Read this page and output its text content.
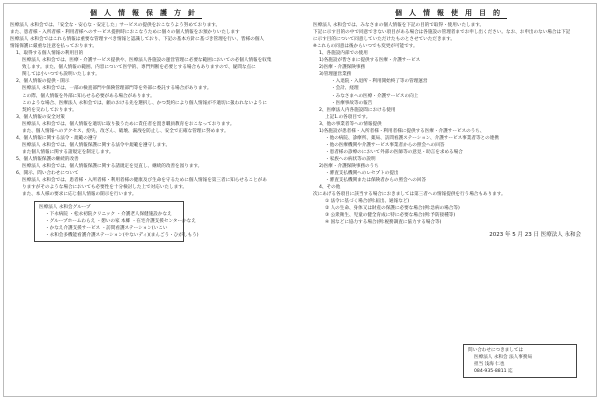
個人情報保護方針

医療法人 永和会では、「安全な・安心な・安定した」サービスの提供をおこなうよう努めております。

また、患者様・入所者様・利用者様へのサービス提供時におこなうために個々の個人情報をお預かりいたします

医療法人 永和会ではこれら情報は重要な管理すべき情報と認識しており、下記の基本方針に基づき管理を行い、皆様の個人

情報保護に厳重な注意を払っております。

1、取得する個人情報の利用目的

医療法人 永和会では、医療・介護サービス提供や、医療法人各施設の運営管理に必要な範囲においての必個人情報を収集

致します。また、個人情報の範囲、内容について医学的、専門判断を必要とする場合もありますので、疑問な点に

関しては小いつでも説明いたします。

2、個人情報の提供・開示

医療法人 永和会では、一部の検査部門や保険管理部門等を外部に委託する場合があります。

この際、個人情報を外部に知らせる必要がある場合があります。

このような場合、医療法人 永和会では、頼のおける先を選択し、かつ契約により個人情報が不適切に扱われないように

契約を交わしております。

3、個人情報の安全対策

医療法人 永和会では、個人情報を適切に取り扱うために責任者を置き職員教育をおこなっております。

また、個人情報へのアクセス、紛失、改ざん、破壊、漏洩を防止し、安全で正確な管理に努めます。

4、個人情報に関する法令・規範の遵守

医療法人 永和会では、個人情報保護に関する法令や規範を遵守します。

また個人情報に関する諸規定を制定します。

5、個人情報保護の継続的改善

医療法人 永和会では、個人情報保護に関する諸規定を見直し、継続的改善を図ります。

6、開示、問い合わせについて

医療法人 永和会では、患者様・入所者様・利用者様の健康及び生命を守るために個人情報を第三者に知らせることがあ

りますがそのような場合においても必要性を十分検討した上で対応いたします。

また、本人様の要求に応じ個人情報の開示を行います。

医療法人 永和会グループ

・下永病院 ・松永初院クリニック ・介護老人保健施設かなえ

・グループホームわらえ ・憩いの家 本郷 ・在宅介護支援センターかなえ

・かなえ介護支援サービス ・訪問看護ステーション(いこい

・永和会多機能看護介護ステーション(やないディ)(まんごう・ひがしもう)

個人情報使用目的

医療法人 永和会では、みなさまの個人情報を下記の目的で取得・使用いたします。

下記に示す目的の中で同意できない項目がある場合は各施設の管理者までお申し出ください。なお、お申出のない場合は下記

に示す目的について同意していただけたものとさせていただきます。

※これらの同意は後からいつでも変更が可能です。

1、各施設内部での使用

1)各施設が皆さまに提供する医療・介護サービス

2)医療・介護保険事務

3)管理運営業務

・入退院・入退所・利用開始終了等の管理運営

・会計、経理

・みなさまへの医療・介護サービスの向上

・医療事故等の報告

2、医療法人内各施設間における使用

上記1.の各項目です。

3、他の事業者等への情報提供

1)各施設が患者様・入所者様・利用者様に提供する医療・介護サービスのうち、

・他の病院、診療所、薬局、訪問看護ステーション、介護サービス事業者等との連携

・他の医療機関や介護サービス事業者からの照会への回答

・患者様の診療のにおいて外部の医師等の意見・助言を求める場合

・家族への病状等の説明

2)医療・介護保険事務のうち

・審査支払機関へのレセプトの提出

・審査支払機関または保険者からの照会への回答

4、その他

次にあげる各項目に該当する場合におきましては第三者への情報提供を行う場合もあります。

① 法令に基づく場合(例:届出、通報など)

② 人の生命、身体又は財産の保護に必要な場合(例:急病の場合等)

③ 公衆衛生、児童の健全育成に特に必要な場合(例:予防接種等)

④ 国などに協力する場合(例:税務調査に協力する場合等)

2023 年 5 月 23 日 医療法人 永和会

問い合わせにつきましては

医療法人 永和会 法人事務局

担当 浅海 仁也

084-935-8811 迄
